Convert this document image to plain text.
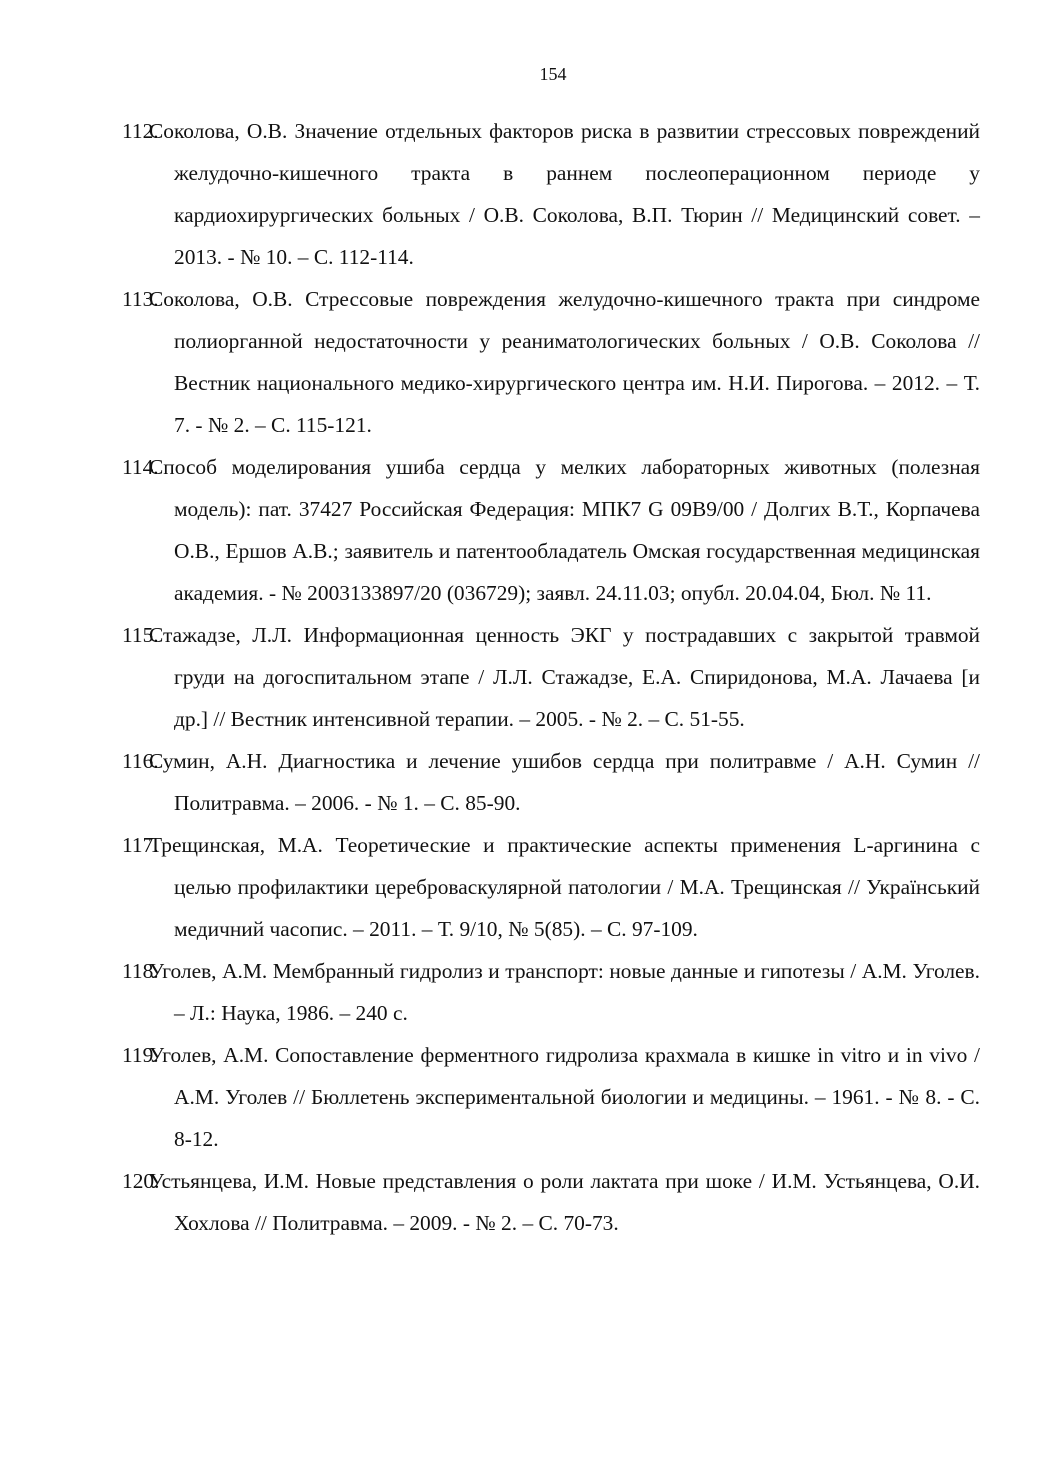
154
112.
Соколова, О.В. Значение отдельных факторов риска в развитии стрессовых повреждений желудочно-кишечного тракта в раннем послеоперационном периоде у кардиохирургических больных / О.В. Соколова, В.П. Тюрин // Медицинский совет. – 2013. - № 10. – С. 112-114.
113.
Соколова, О.В. Стрессовые повреждения желудочно-кишечного тракта при синдроме полиорганной недостаточности у реаниматологических больных / О.В. Соколова // Вестник национального медико-хирургического центра им. Н.И. Пирогова. – 2012. – Т. 7. - № 2. – С. 115-121.
114.
Способ моделирования ушиба сердца у мелких лабораторных животных (полезная модель): пат. 37427 Российская Федерация: МПК7 G 09B9/00 / Долгих В.Т., Корпачева О.В., Ершов А.В.; заявитель и патентообладатель Омская государственная медицинская академия. - № 2003133897/20 (036729); заявл. 24.11.03; опубл. 20.04.04, Бюл. № 11.
115.
Стажадзе, Л.Л. Информационная ценность ЭКГ у пострадавших с закрытой травмой груди на догоспитальном этапе / Л.Л. Стажадзе, Е.А. Спиридонова, М.А. Лачаева [и др.] // Вестник интенсивной терапии. – 2005. - № 2. – С. 51-55.
116.
Сумин, А.Н. Диагностика и лечение ушибов сердца при политравме / А.Н. Сумин // Политравма. – 2006. - № 1. – С. 85-90.
117.
Трещинская, М.А. Теоретические и практические аспекты применения L-аргинина с целью профилактики цереброваскулярной патологии / М.А. Трещинская // Український медичний часопис. – 2011. – Т. 9/10, № 5(85). – С. 97-109.
118.
Уголев, А.М. Мембранный гидролиз и транспорт: новые данные и гипотезы / А.М. Уголев. – Л.: Наука, 1986. – 240 с.
119.
Уголев, А.М. Сопоставление ферментного гидролиза крахмала в кишке in vitro и in vivo / А.М. Уголев // Бюллетень экспериментальной биологии и медицины. – 1961. - № 8. - С. 8-12.
120.
Устьянцева, И.М. Новые представления о роли лактата при шоке / И.М. Устьянцева, О.И. Хохлова // Политравма. – 2009. - № 2. – С. 70-73.
